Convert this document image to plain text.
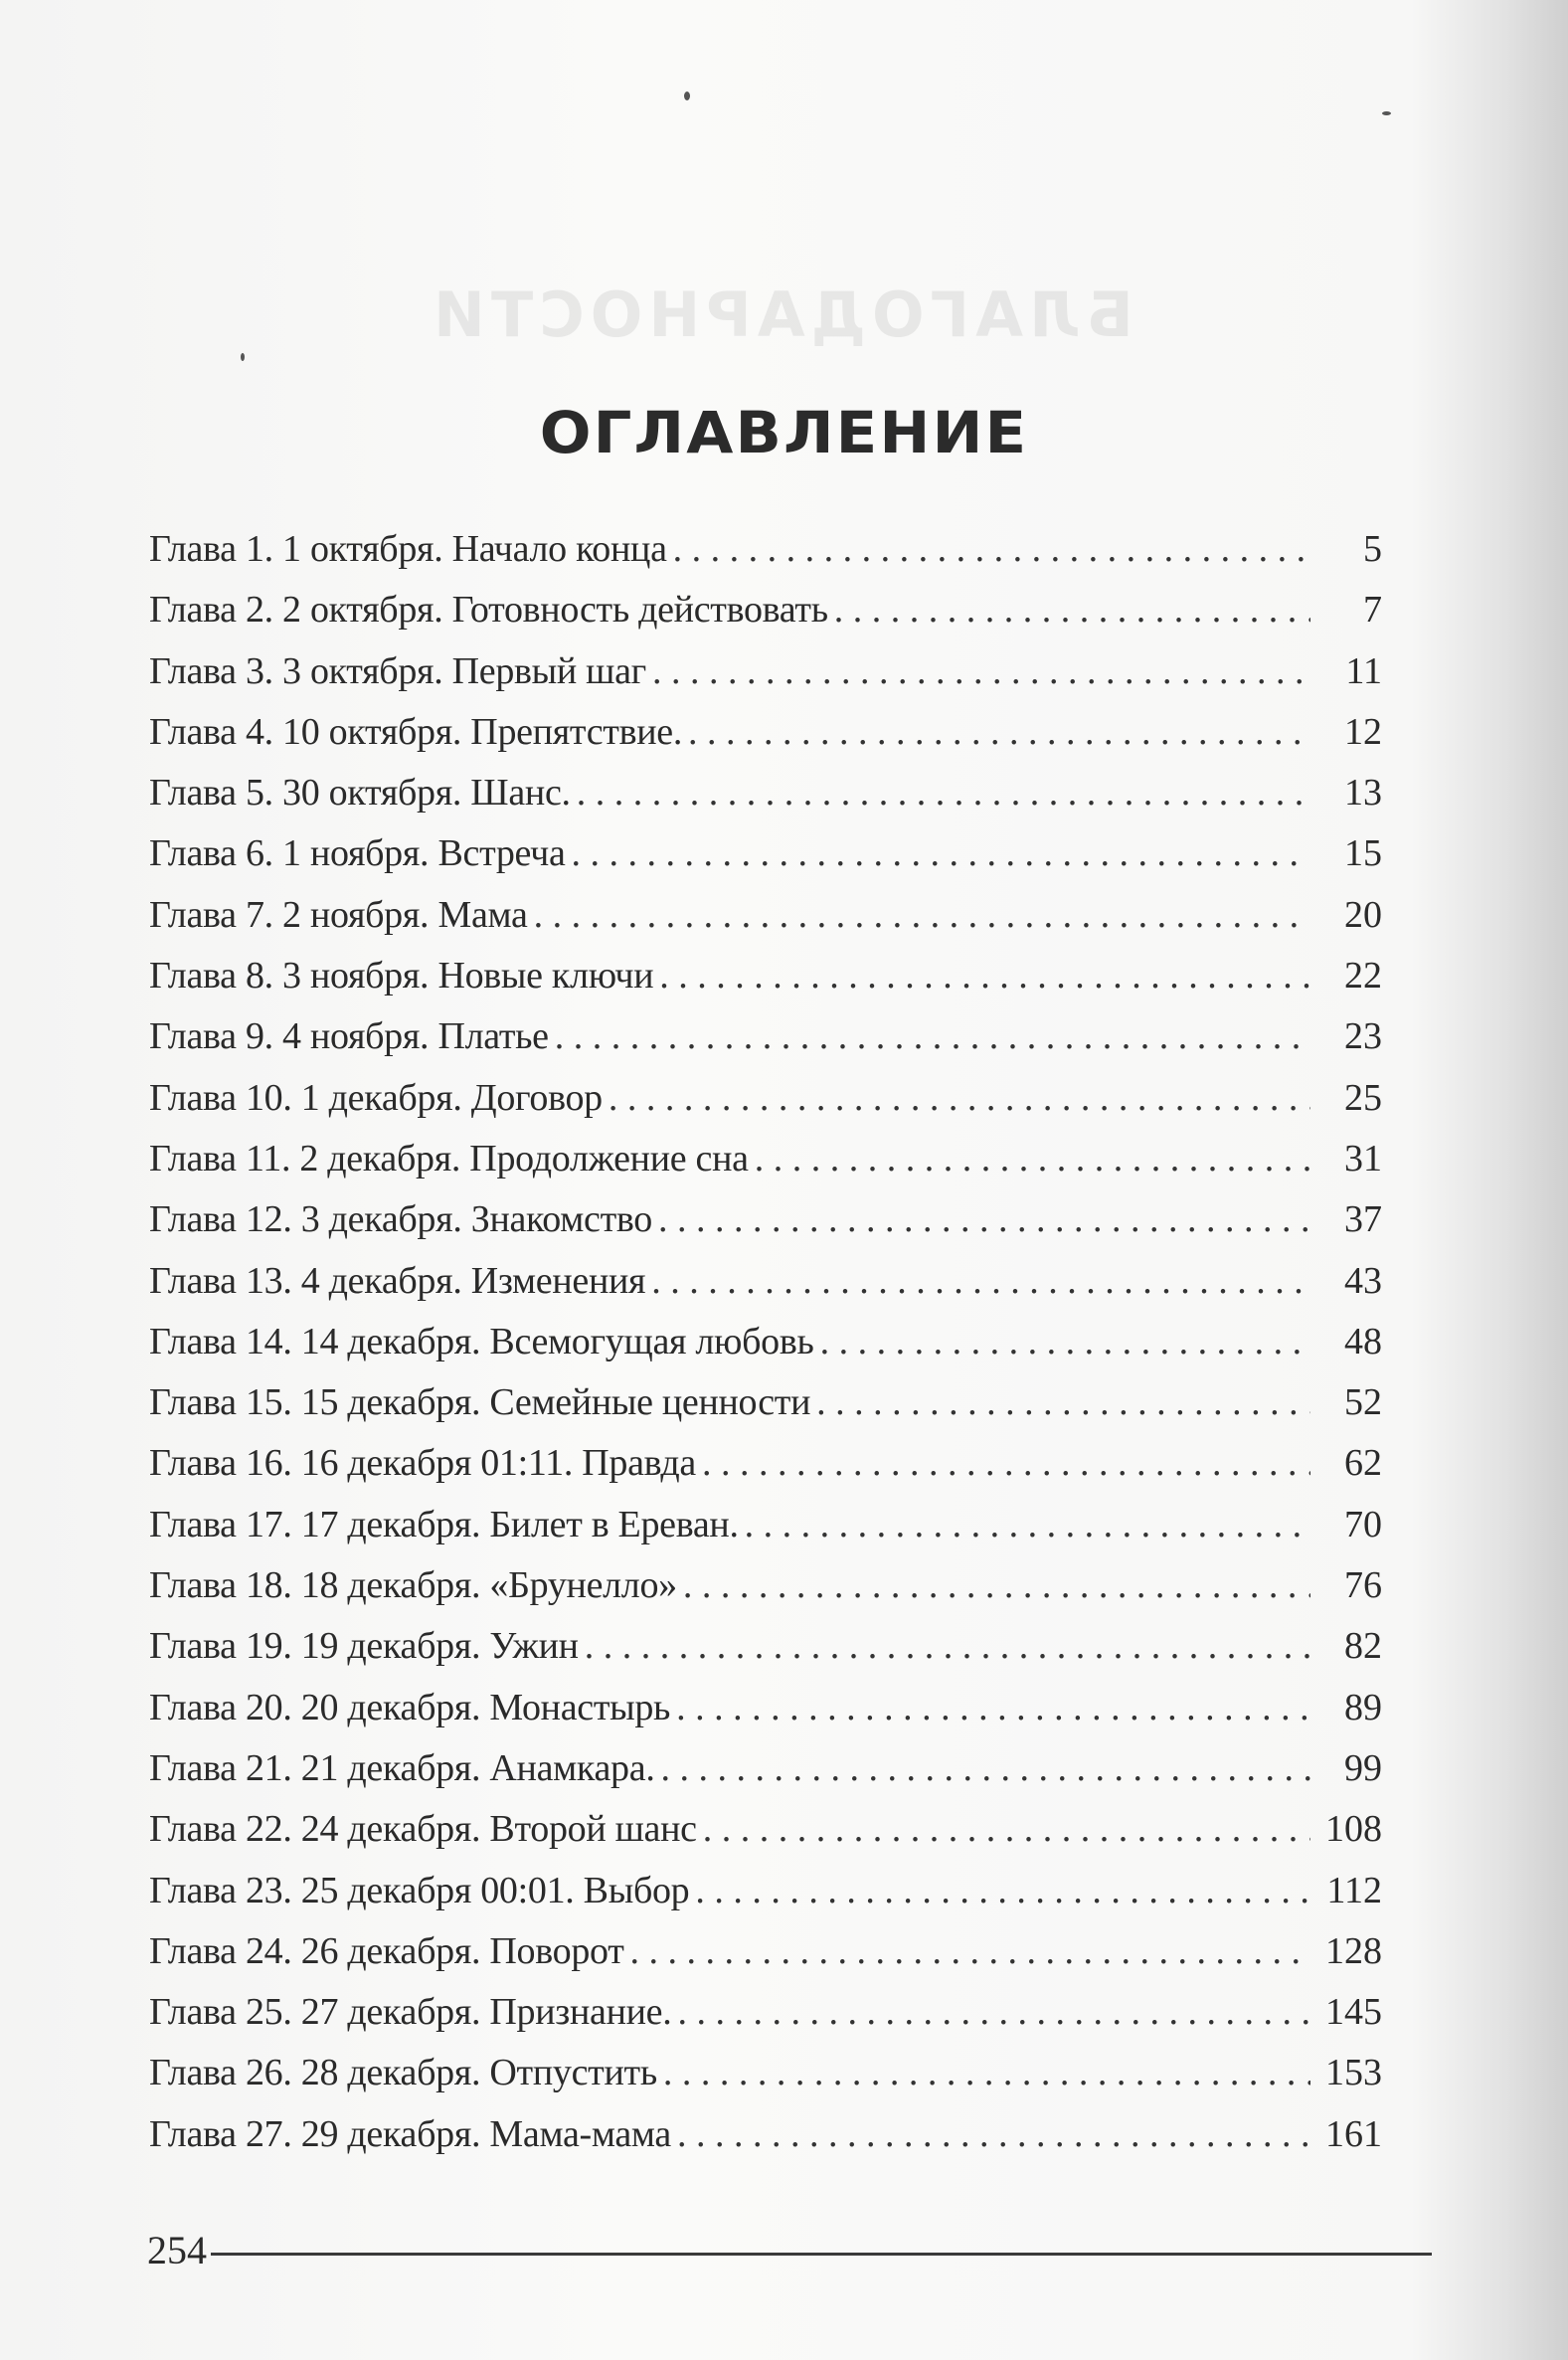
БЛАГОДАРНОСТИ
ОГЛАВЛЕНИЕ
Глава 1. 1 октября. Начало конца . . .	5
Глава 2. 2 октября. Готовность действовать . . .	7
Глава 3. 3 октября. Первый шаг . . .	11
Глава 4. 10 октября. Препятствие. . . .	12
Глава 5. 30 октября. Шанс. . . .	13
Глава 6. 1 ноября. Встреча . . .	15
Глава 7. 2 ноября. Мама . . .	20
Глава 8. 3 ноября. Новые ключи . . .	22
Глава 9. 4 ноября. Платье . . .	23
Глава 10. 1 декабря. Договор . . .	25
Глава 11. 2 декабря. Продолжение сна . . .	31
Глава 12. 3 декабря. Знакомство . . .	37
Глава 13. 4 декабря. Изменения . . .	43
Глава 14. 14 декабря. Всемогущая любовь . . .	48
Глава 15. 15 декабря. Семейные ценности . . .	52
Глава 16. 16 декабря 01:11. Правда . . .	62
Глава 17. 17 декабря. Билет в Ереван. . . .	70
Глава 18. 18 декабря. «Брунелло» . . .	76
Глава 19. 19 декабря. Ужин . . .	82
Глава 20. 20 декабря. Монастырь . . .	89
Глава 21. 21 декабря. Анамкара. . . .	99
Глава 22. 24 декабря. Второй шанс . . .	108
Глава 23. 25 декабря 00:01. Выбор . . .	112
Глава 24. 26 декабря. Поворот . . .	128
Глава 25. 27 декабря. Признание. . . .	145
Глава 26. 28 декабря. Отпустить . . .	153
Глава 27. 29 декабря. Мама-мама . . .	161
254
